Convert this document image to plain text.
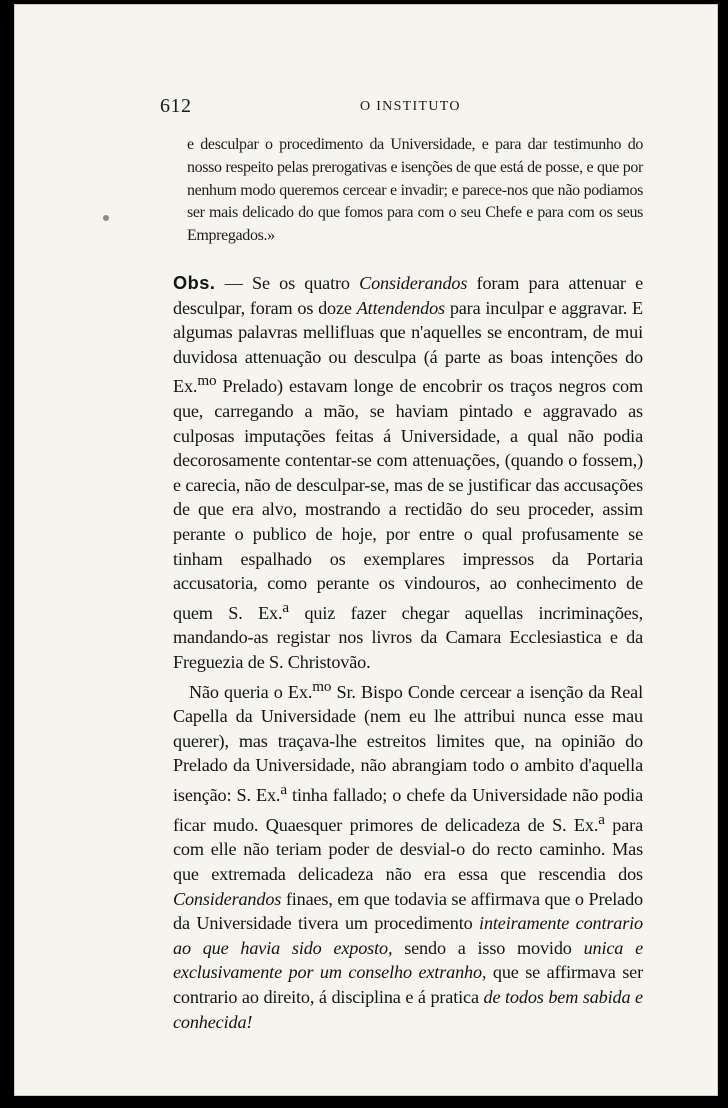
612	O INSTITUTO
e desculpar o procedimento da Universidade, e para dar testimunho do nosso respeito pelas prerogativas e isenções de que está de posse, e que por nenhum modo queremos cercear e invadir; e parece-nos que não podiamos ser mais delicado do que fomos para com o seu Chefe e para com os seus Empregados.»

Obs. — Se os quatro Considerandos foram para attenuar e desculpar, foram os doze Attendendos para inculpar e aggravar. E algumas palavras mellifluas que n'aquelles se encontram, de mui duvidosa attenuação ou desculpa (á parte as boas intenções do Ex.$^{mo}$ Prelado) estavam longe de encobrir os traços negros com que, carregando a mão, se haviam pintado e aggravado as culposas imputações feitas á Universidade, a qual não podia decorosamente contentar-se com attenuações, (quando o fossem,) e carecia, não de desculpar-se, mas de se justificar das accusações de que era alvo, mostrando a rectidão do seu proceder, assim perante o publico de hoje, por entre o qual profusamente se tinham espalhado os exemplares impressos da Portaria accusatoria, como perante os vindouros, ao conhecimento de quem S. Ex.$^a$ quiz fazer chegar aquellas incriminações, mandando-as registar nos livros da Camara Ecclesiastica e da Freguezia de S. Christovão.

Não queria o Ex.$^{mo}$ Sr. Bispo Conde cercear a isenção da Real Capella da Universidade (nem eu lhe attribui nunca esse mau querer), mas traçava-lhe estreitos limites que, na opinião do Prelado da Universidade, não abrangiam todo o ambito d'aquella isenção: S. Ex.$^a$ tinha fallado; o chefe da Universidade não podia ficar mudo. Quaesquer primores de delicadeza de S. Ex.$^a$ para com elle não teriam poder de desvial-o do recto caminho. Mas que extremada delicadeza não era essa que rescendia dos Considerandos finaes, em que todavia se affirmava que o Prelado da Universidade tivera um procedimento inteiramente contrario ao que havia sido exposto, sendo a isso movido unica e exclusivamente por um conselho extranho, que se affirmava ser contrario ao direito, á disciplina e á pratica de todos bem sabida e conhecida!
